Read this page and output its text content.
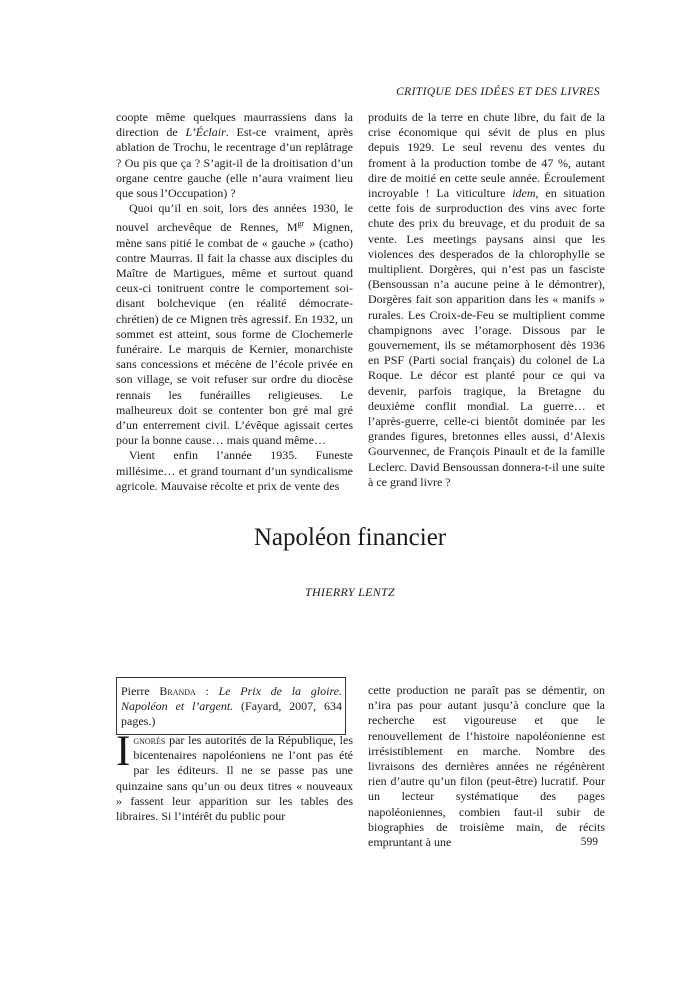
CRITIQUE DES IDÉES ET DES LIVRES

coopte même quelques maurrassiens dans la direction de L’Éclair. Est-ce vraiment, après ablation de Trochu, le recentrage d’un replâtrage ? Ou pis que ça ? S’agit-il de la droitisation d’un organe centre gauche (elle n’aura vraiment lieu que sous l’Occupation) ?

Quoi qu’il en soit, lors des années 1930, le nouvel archevêque de Rennes, $M^{gr}$ Mignen, mène sans pitié le combat de « gauche » (catho) contre Maurras. Il fait la chasse aux disciples du Maître de Martigues, même et surtout quand ceux-ci tonitruent contre le comportement soi-disant bolchevique (en réalité démocrate-chrétien) de ce Mignen très agressif. En 1932, un sommet est atteint, sous forme de Clochemerle funéraire. Le marquis de Kernier, monarchiste sans concessions et mécène de l’école privée en son village, se voit refuser sur ordre du diocèse rennais les funérailles religieuses. Le malheureux doit se contenter bon gré mal gré d’un enterrement civil. L’évêque agissait certes pour la bonne cause… mais quand même…

Vient enfin l’année 1935. Funeste millésime… et grand tournant d’un syndicalisme agricole. Mauvaise récolte et prix de vente des

produits de la terre en chute libre, du fait de la crise économique qui sévit de plus en plus depuis 1929. Le seul revenu des ventes du froment à la production tombe de 47 %, autant dire de moitié en cette seule année. Écroulement incroyable ! La viticulture idem, en situation cette fois de surproduction des vins avec forte chute des prix du breuvage, et du produit de sa vente. Les meetings paysans ainsi que les violences des desperados de la chlorophylle se multiplient. Dorgères, qui n’est pas un fasciste (Bensoussan n’a aucune peine à le démontrer), Dorgères fait son apparition dans les « manifs » rurales. Les Croix-de-Feu se multiplient comme champignons avec l’orage. Dissous par le gouvernement, ils se métamorphosent dès 1936 en PSF (Parti social français) du colonel de La Roque. Le décor est planté pour ce qui va devenir, parfois tragique, la Bretagne du deuxième conflit mondial. La guerre… et l’après-guerre, celle-ci bientôt dominée par les grandes figures, bretonnes elles aussi, d’Alexis Gourvennec, de François Pinault et de la famille Leclerc. David Bensoussan donnera-t-il une suite à ce grand livre ?

Napoléon financier
THIERRY LENTZ
Pierre Branda : Le Prix de la gloire. Napoléon et l’argent. (Fayard, 2007, 634 pages.)

Ignorés par les autorités de la République, les bicentenaires napoléoniens ne l’ont pas été par les éditeurs. Il ne se passe pas une quinzaine sans qu’un ou deux titres « nouveaux » fassent leur apparition sur les tables des libraires. Si l’intérêt du public pour

cette production ne paraît pas se démentir, on n’ira pas pour autant jusqu’à conclure que la recherche est vigoureuse et que le renouvellement de l’histoire napoléonienne est irrésistiblement en marche. Nombre des livraisons des dernières années ne régénèrent rien d’autre qu’un filon (peut-être) lucratif. Pour un lecteur systématique des pages napoléoniennes, combien faut-il subir de biographies de troisième main, de récits empruntant à une	599
